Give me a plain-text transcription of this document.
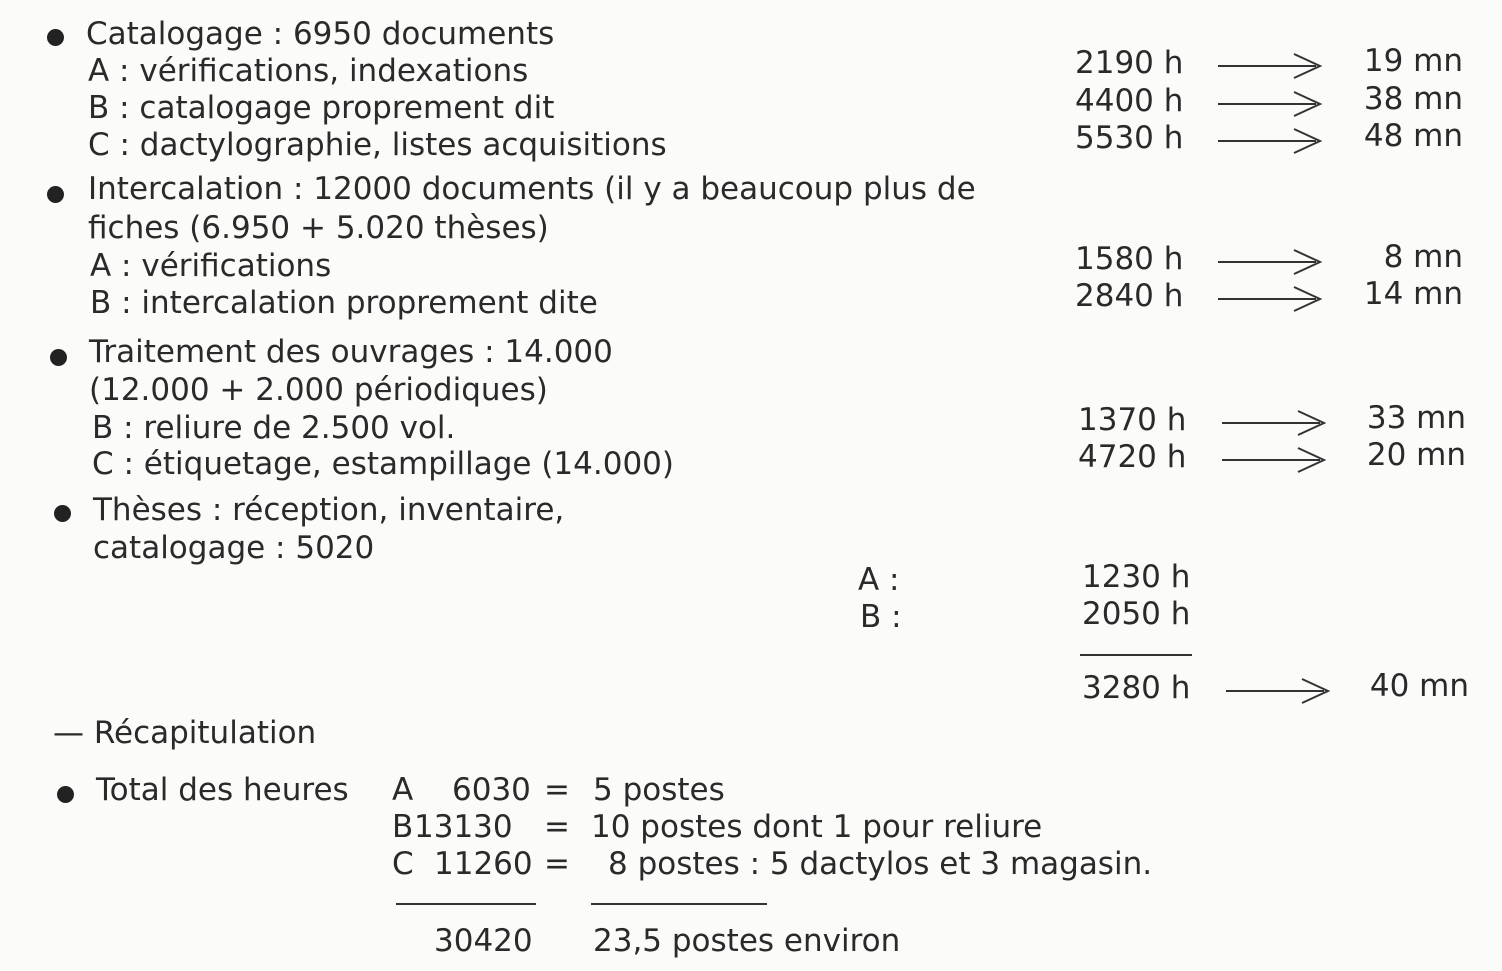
Catalogage : 6950 documents
A : vérifications, indexations
B : catalogage proprement dit
C : dactylographie, listes acquisitions
2190 h
4400 h
5530 h
19 mn
38 mn
48 mn
Intercalation : 12000 documents (il y a beaucoup plus de
fiches (6.950 + 5.020 thèses)
A : vérifications
B : intercalation proprement dite
1580 h
2840 h
8 mn
14 mn
Traitement des ouvrages : 14.000
(12.000 + 2.000 périodiques)
B : reliure de 2.500 vol.
C : étiquetage, estampillage (14.000)
1370 h
4720 h
33 mn
20 mn
Thèses : réception, inventaire,
catalogage : 5020
A :
B :
1230 h
2050 h
3280 h	40 mn
— Récapitulation
Total des heures A 6030 = 5 postes
B 13130 = 10 postes dont 1 pour reliure
C 11260 = 8 postes : 5 dactylos et 3 magasin.
30420 23,5 postes environ
